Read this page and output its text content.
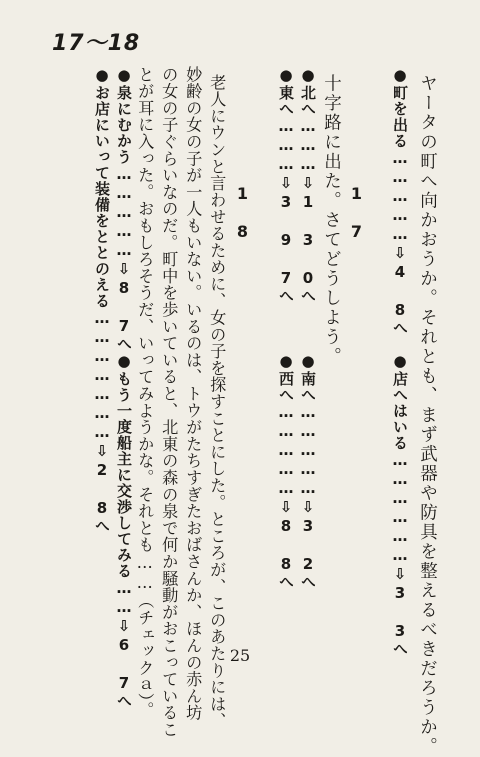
17〜18
ヤータの町へ向かおうか。それとも、まず武器や防具を整えるべきだろうか。
●町を出る……………⇩4 8へ
●店へはいる………………⇩3 3へ
1 7
十字路に出た。さてどうしよう。
●北へ………⇩1 3 0へ
●南へ……………⇩3 2へ
●東へ………⇩3 9 7へ
●西へ……………⇩8 8へ
1 8
老人にウンと言わせるために、女の子を探すことにした。ところが、このあたりには、
妙齢の女の子が一人もいない。いるのは、トウがたちすぎたおばさんか、ほんの赤ん坊
の女の子ぐらいなのだ。町中を歩いていると、北東の森の泉で何か騒動がおこっているこ
とが耳に入った。おもしろそうだ、いってみようかな。それとも……（チェックａ）。
●泉にむかう……………⇩8 7へ
●もう一度船主に交渉してみる……⇩6 7へ
●お店にいって装備をととのえる…………………⇩2 8へ
25
